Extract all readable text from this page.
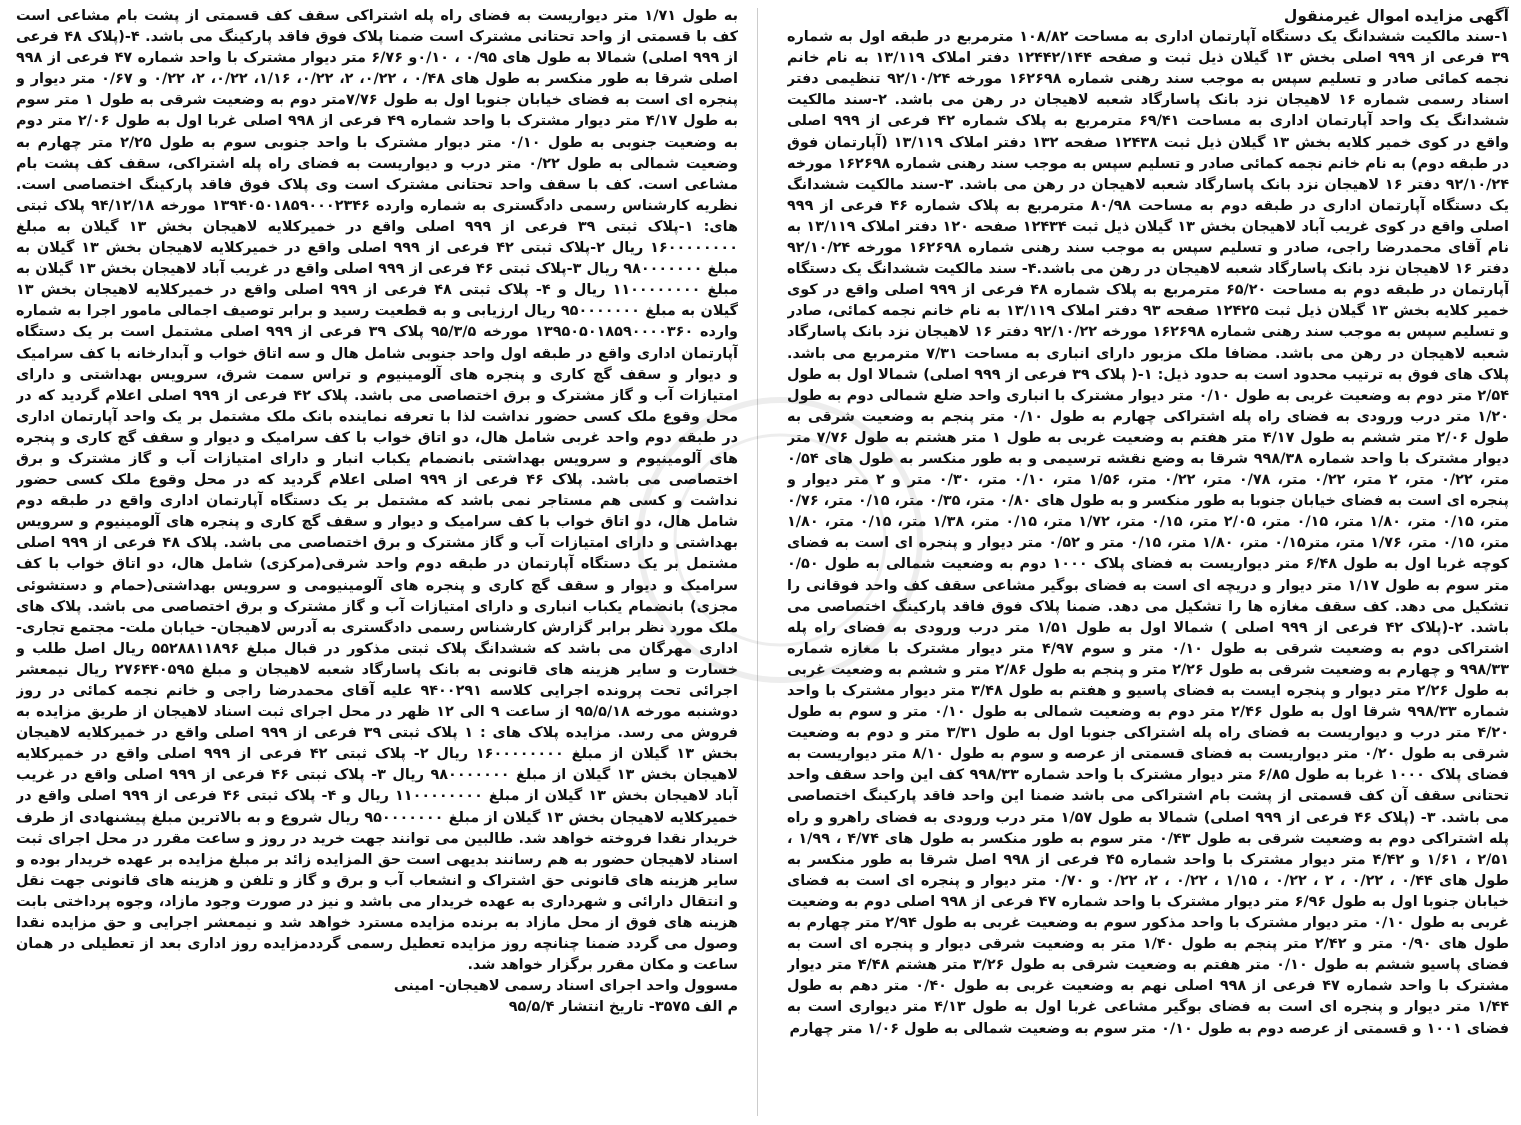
آگهی مزایده اموال غیرمنقول

۱-سند مالکیت ششدانگ یک دستگاه آپارتمان اداری به مساحت ۱۰۸/۸۲ مترمربع در طبقه اول به شماره ۳۹ فرعی از ۹۹۹ اصلی بخش ۱۳ گیلان ذیل ثبت و صفحه ۱۲۴۴۲/۱۴۴ دفتر املاک ۱۳/۱۱۹ به نام خانم نجمه کمائی صادر و تسلیم سپس به موجب سند رهنی شماره ۱۶۲۶۹۸ مورخه ۹۲/۱۰/۲۴ تنظیمی دفتر اسناد رسمی شماره ۱۶ لاهیجان نزد بانک پاسارگاد شعبه لاهیجان در رهن می باشد. ۲-سند مالکیت ششدانگ یک واحد آپارتمان اداری به مساحت ۶۹/۴۱ مترمربع به پلاک شماره ۴۲ فرعی از ۹۹۹ اصلی واقع در کوی خمیر کلایه بخش ۱۳ گیلان ذیل ثبت ۱۲۴۳۸ صفحه ۱۳۲ دفتر املاک ۱۳/۱۱۹ (آپارتمان فوق در طبقه دوم) به نام خانم نجمه کمائی صادر و تسلیم سپس به موجب سند رهنی شماره ۱۶۲۶۹۸ مورخه ۹۲/۱۰/۲۴ دفتر ۱۶ لاهیجان نزد بانک پاسارگاد شعبه لاهیجان در رهن می باشد. ۳-سند مالکیت ششدانگ یک دستگاه آپارتمان اداری در طبقه دوم به مساحت ۸۰/۹۸ مترمربع به پلاک شماره ۴۶ فرعی از ۹۹۹ اصلی واقع در کوی غریب آباد لاهیجان بخش ۱۳ گیلان ذیل ثبت ۱۲۴۳۴ صفحه ۱۲۰ دفتر املاک ۱۳/۱۱۹ به نام آقای محمدرضا راجی، صادر و تسلیم سپس به موجب سند رهنی شماره ۱۶۲۶۹۸ مورخه ۹۲/۱۰/۲۴ دفتر ۱۶ لاهیجان نزد بانک پاسارگاد شعبه لاهیجان در رهن می باشد.۴- سند مالکیت ششدانگ یک دستگاه آپارتمان در طبقه دوم به مساحت ۶۵/۲۰ مترمربع به پلاک شماره ۴۸ فرعی از ۹۹۹ اصلی واقع در کوی خمیر کلایه بخش ۱۳ گیلان ذیل ثبت ۱۲۴۲۵ صفحه ۹۳ دفتر املاک ۱۳/۱۱۹ به نام خانم نجمه کمائی، صادر و تسلیم سپس به موجب سند رهنی شماره ۱۶۲۶۹۸ مورخه ۹۲/۱۰/۲۲ دفتر ۱۶ لاهیجان نزد بانک پاسارگاد شعبه لاهیجان در رهن می باشد. مضافا ملک مزبور دارای انباری به مساحت ۷/۳۱ مترمربع می باشد. پلاک های فوق به ترتیب محدود است به حدود ذیل: ۱-( پلاک ۳۹ فرعی از ۹۹۹ اصلی) شمالا اول به طول ۲/۵۴ متر دوم به وضعیت غربی به طول ۰/۱۰ متر دیوار مشترک با انباری واحد ضلع شمالی دوم به طول ۱/۲۰ متر درب ورودی به فضای راه پله اشتراکی چهارم به طول ۰/۱۰ متر پنجم به وضعیت شرقی به طول ۲/۰۶ متر ششم به طول ۴/۱۷ متر هفتم به وضعیت غربی به طول ۱ متر هشتم به طول ۷/۷۶ متر دیوار مشترک با واحد شماره ۹۹۸/۳۸ شرقا به وضع نقشه ترسیمی و به طور منکسر به طول های ۰/۵۴ متر، ۰/۲۲ متر، ۲ متر، ۰/۲۲ متر، ۰/۷۸ متر، ۰/۲۲ متر، ۱/۵۶ متر، ۰/۱۰ متر، ۰/۳۰ متر و ۲ متر دیوار و پنجره ای است به فضای خیابان جنوبا به طور منکسر و به طول های ۰/۸۰ متر، ۰/۳۵ متر، ۰/۱۵ متر، ۰/۷۶ متر، ۰/۱۵ متر، ۱/۸۰ متر، ۰/۱۵ متر، ۲/۰۵ متر، ۰/۱۵ متر، ۱/۷۲ متر، ۰/۱۵ متر، ۱/۳۸ متر، ۰/۱۵ متر، ۱/۸۰ متر، ۰/۱۵ متر، ۱/۷۶ متر، متر۰/۱۵ متر، ۱/۸۰ متر، ۰/۱۵ متر و ۰/۵۲ متر دیوار و پنجره ای است به فضای کوچه غربا اول به طول ۶/۴۸ متر دیواریست به فضای پلاک ۱۰۰۰ دوم به وضعیت شمالی به طول ۰/۵۰ متر سوم به طول ۱/۱۷ متر دیوار و دریچه ای است به فضای بوگیر مشاعی سقف کف واحد فوقانی را تشکیل می دهد. کف سقف مغازه ها را تشکیل می دهد. ضمنا پلاک فوق فاقد پارکینگ اختصاصی می باشد. ۲-(پلاک ۴۲ فرعی از ۹۹۹ اصلی ) شمالا اول به طول ۱/۵۱ متر درب ورودی به فضای راه پله اشتراکی دوم به وضعیت شرقی به طول ۰/۱۰ متر و سوم ۴/۹۷ متر دیوار مشترک با مغازه شماره ۹۹۸/۳۳ و چهارم به وضعیت شرقی به طول ۲/۲۶ متر و پنجم به طول ۲/۸۶ متر و ششم به وضعیت غربی به طول ۲/۲۶ متر دیوار و پنجره ایست به فضای پاسیو و هفتم به طول ۳/۴۸ متر دیوار مشترک با واحد شماره ۹۹۸/۳۳ شرقا اول به طول ۲/۴۶ متر دوم به وضعیت شمالی به طول ۰/۱۰ متر و سوم به طول ۴/۲۰ متر درب و دیواریست به فضای راه پله اشتراکی جنوبا اول به طول ۳/۳۱ متر و دوم به وضعیت شرقی به طول ۰/۲۰ متر دیواریست به فضای قسمتی از عرصه و سوم به طول ۸/۱۰ متر دیواریست به فضای پلاک ۱۰۰۰ غربا به طول ۶/۸۵ متر دیوار مشترک با واحد شماره ۹۹۸/۳۳ کف این واحد سقف واحد تحتانی سقف آن کف قسمتی از پشت بام اشتراکی می باشد ضمنا این واحد فاقد پارکینگ اختصاصی می باشد. ۳- (پلاک ۴۶ فرعی از ۹۹۹ اصلی) شمالا به طول ۱/۵۷ متر درب ورودی به فضای راهرو و راه پله اشتراکی دوم به وضعیت شرقی به طول ۰/۴۳ متر سوم به طور منکسر به طول های ۴/۷۴ ، ۱/۹۹ ، ۲/۵۱ ، ۱/۶۱ و ۴/۴۲ متر دیوار مشترک با واحد شماره ۴۵ فرعی از ۹۹۸ اصل شرقا به طور منکسر به طول های ۰/۴۴ ، ۰/۲۲ ، ۲ ، ۰/۲۲ ، ۱/۱۵ ، ۰/۲۲ ، ۲، ۰/۲۲ و ۰/۷۰ متر دیوار و پنجره ای است به فضای خیابان جنوبا اول به طول ۶/۹۶ متر دیوار مشترک با واحد شماره ۴۷ فرعی از ۹۹۸ اصلی دوم به وضعیت غربی به طول ۰/۱۰ متر دیوار مشترک با واحد مذکور سوم به وضعیت غربی به طول ۲/۹۴ متر چهارم به طول های ۰/۹۰ متر و ۲/۴۲ متر پنجم به طول ۱/۴۰ متر به وضعیت شرقی دیوار و پنجره ای است به فضای پاسیو ششم به طول ۰/۱۰ متر هفتم به وضعیت شرقی به طول ۳/۲۶ متر هشتم ۴/۴۸ متر دیوار مشترک با واحد شماره ۴۷ فرعی از ۹۹۸ اصلی نهم به وضعیت غربی به طول ۰/۴۰ متر دهم به طول ۱/۴۴ متر دیوار و پنجره ای است به فضای بوگیر مشاعی غربا اول به طول ۴/۱۳ متر دیواری است به فضای ۱۰۰۱ و قسمتی از عرصه دوم به طول ۰/۱۰ متر سوم به وضعیت شمالی به طول ۱/۰۶ متر چهارم

به طول ۱/۷۱ متر دیواریست به فضای راه پله اشتراکی سقف کف قسمتی از پشت بام مشاعی است کف با قسمتی از واحد تحتانی مشترک است ضمنا پلاک فوق فاقد پارکینگ می باشد. ۴-(پلاک ۴۸ فرعی از ۹۹۹ اصلی) شمالا به طول های ۰/۹۵ ، ۰/۱۰و ۶/۷۶ متر دیوار مشترک با واحد شماره ۴۷ فرعی از ۹۹۸ اصلی شرقا به طور منکسر به طول های ۰/۴۸ ، ۰/۲۲، ۲، ۰/۲۲، ۱/۱۶، ۰/۲۲، ۲، ۰/۲۲ و ۰/۶۷ متر دیوار و پنجره ای است به فضای خیابان جنوبا اول به طول ۷/۷۶متر دوم به وضعیت شرقی به طول ۱ متر سوم به طول ۴/۱۷ متر دیوار مشترک با واحد شماره ۴۹ فرعی از ۹۹۸ اصلی غربا اول به طول ۲/۰۶ متر دوم به وضعیت جنوبی به طول ۰/۱۰ متر دیوار مشترک با واحد جنوبی سوم به طول ۲/۲۵ متر چهارم به وضعیت شمالی به طول ۰/۲۲ متر درب و دیواریست به فضای راه پله اشتراکی، سقف کف پشت بام مشاعی است. کف با سقف واحد تحتانی مشترک است وی پلاک فوق فاقد پارکینگ اختصاصی است. نظریه کارشناس رسمی دادگستری به شماره وارده ۱۳۹۴۰۵۰۱۸۵۹۰۰۰۲۳۴۶ مورخه ۹۴/۱۲/۱۸ پلاک ثبتی های: ۱-پلاک ثبتی ۳۹ فرعی از ۹۹۹ اصلی واقع در خمیرکلایه لاهیجان بخش ۱۳ گیلان به مبلغ ۱۶۰۰۰۰۰۰۰۰ ریال ۲-پلاک ثبتی ۴۲ فرعی از ۹۹۹ اصلی واقع در خمیرکلایه لاهیجان بخش ۱۳ گیلان به مبلغ ۹۸۰۰۰۰۰۰۰ ریال ۳-پلاک ثبتی ۴۶ فرعی از ۹۹۹ اصلی واقع در غریب آباد لاهیجان بخش ۱۳ گیلان به مبلغ ۱۱۰۰۰۰۰۰۰۰ ریال و ۴- پلاک ثبتی ۴۸ فرعی از ۹۹۹ اصلی واقع در خمیرکلایه لاهیجان بخش ۱۳ گیلان به مبلغ ۹۵۰۰۰۰۰۰۰ ریال ارزیابی و به قطعیت رسید و برابر توصیف اجمالی مامور اجرا به شماره وارده ۱۳۹۵۰۵۰۱۸۵۹۰۰۰۰۳۶۰ مورخه ۹۵/۳/۵ پلاک ۳۹ فرعی از ۹۹۹ اصلی مشتمل است بر یک دستگاه آپارتمان اداری واقع در طبقه اول واحد جنوبی شامل هال و سه اتاق خواب و آبدارخانه با کف سرامیک و دیوار و سقف گچ کاری و پنجره های آلومینیوم و تراس سمت شرق، سرویس بهداشتی و دارای امتیازات آب و گاز مشترک و برق اختصاصی می باشد. پلاک ۴۲ فرعی از ۹۹۹ اصلی اعلام گردید که در محل وقوع ملک کسی حضور نداشت لذا با تعرفه نماینده بانک ملک مشتمل بر یک واحد آپارتمان اداری در طبقه دوم واحد غربی شامل هال، دو اتاق خواب با کف سرامیک و دیوار و سقف گچ کاری و پنجره های آلومینیوم و سرویس بهداشتی بانضمام یکباب انبار و دارای امتیازات آب و گاز مشترک و برق اختصاصی می باشد. پلاک ۴۶ فرعی از ۹۹۹ اصلی اعلام گردید که در محل وقوع ملک کسی حضور نداشت و کسی هم مستاجر نمی باشد که مشتمل بر یک دستگاه آپارتمان اداری واقع در طبقه دوم شامل هال، دو اتاق خواب با کف سرامیک و دیوار و سقف گچ کاری و پنجره های آلومینیوم و سرویس بهداشتی و دارای امتیازات آب و گاز مشترک و برق اختصاصی می باشد. پلاک ۴۸ فرعی از ۹۹۹ اصلی مشتمل بر یک دستگاه آپارتمان در طبقه دوم واحد شرقی(مرکزی) شامل هال، دو اتاق خواب با کف سرامیک و دیوار و سقف گچ کاری و پنجره های آلومینیومی و سرویس بهداشتی(حمام و دستشوئی مجزی) بانضمام یکباب انباری و دارای امتیازات آب و گاز مشترک و برق اختصاصی می باشد. پلاک های ملک مورد نظر برابر گزارش کارشناس رسمی دادگستری به آدرس لاهیجان- خیابان ملت- مجتمع تجاری- اداری مهرگان می باشد که ششدانگ پلاک ثبتی مذکور در قبال مبلغ ۵۵۲۸۸۱۱۸۹۶ ریال اصل طلب و خسارت و سایر هزینه های قانونی به بانک پاسارگاد شعبه لاهیجان و مبلغ ۲۷۶۴۴۰۵۹۵ ریال نیمعشر اجرائی تحت پرونده اجرایی کلاسه ۹۴۰۰۲۹۱ علیه آقای محمدرضا راجی و خانم نجمه کمائی در روز دوشنبه مورخه ۹۵/۵/۱۸ از ساعت ۹ الی ۱۲ ظهر در محل اجرای ثبت اسناد لاهیجان از طریق مزایده به فروش می رسد. مزایده پلاک های : ۱ پلاک ثبتی ۳۹ فرعی از ۹۹۹ اصلی واقع در خمیرکلایه لاهیجان بخش ۱۳ گیلان از مبلغ ۱۶۰۰۰۰۰۰۰۰ ریال ۲- پلاک ثبتی ۴۲ فرعی از ۹۹۹ اصلی واقع در خمیرکلایه لاهیجان بخش ۱۳ گیلان از مبلغ ۹۸۰۰۰۰۰۰۰ ریال ۳- پلاک ثبتی ۴۶ فرعی از ۹۹۹ اصلی واقع در غریب آباد لاهیجان بخش ۱۳ گیلان از مبلغ ۱۱۰۰۰۰۰۰۰۰ ریال و ۴- پلاک ثبتی ۴۶ فرعی از ۹۹۹ اصلی واقع در خمیرکلایه لاهیجان بخش ۱۳ گیلان از مبلغ ۹۵۰۰۰۰۰۰۰ ریال شروع و به بالاترین مبلغ پیشنهادی از طرف خریدار نقدا فروخته خواهد شد. طالبین می توانند جهت خرید در روز و ساعت مقرر در محل اجرای ثبت اسناد لاهیجان حضور به هم رسانند بدیهی است حق المزایده زائد بر مبلغ مزایده بر عهده خریدار بوده و سایر هزینه های قانونی حق اشتراک و انشعاب آب و برق و گاز و تلفن و هزینه های قانونی جهت نقل و انتقال دارائی و شهرداری به عهده خریدار می باشد و نیز در صورت وجود مازاد، وجوه پرداختی بابت هزینه های فوق از محل مازاد به برنده مزایده مسترد خواهد شد و نیمعشر اجرایی و حق مزایده نقدا وصول می گردد ضمنا چنانچه روز مزایده تعطیل رسمی گرددمزایده روز اداری بعد از تعطیلی در همان ساعت و مکان مقرر برگزار خواهد شد.

مسوول واحد اجرای اسناد رسمی لاهیجان- امینی

م الف ۳۵۷۵- تاریخ انتشار ۹۵/۵/۴
